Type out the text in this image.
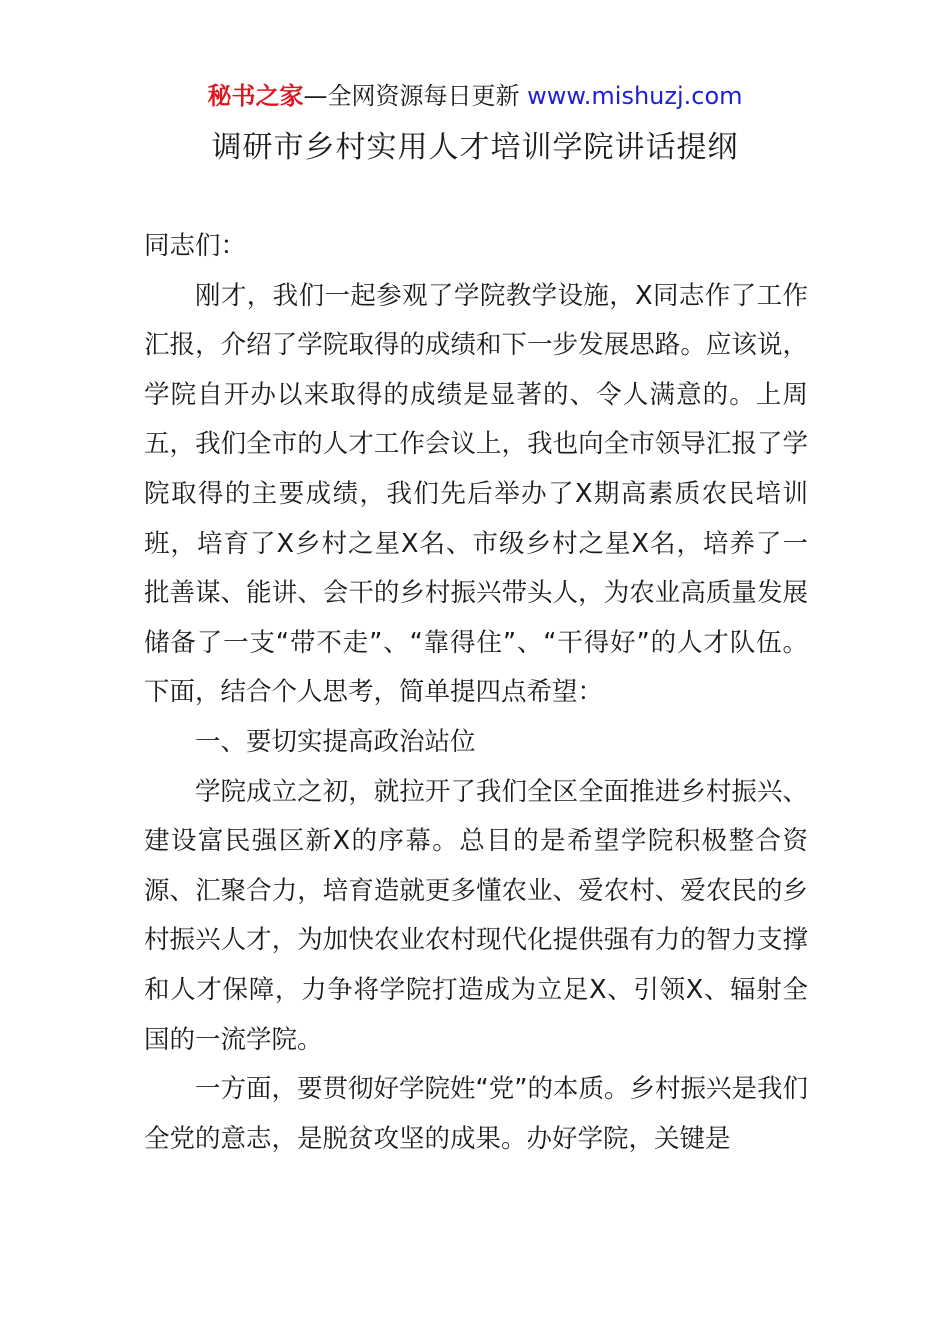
秘书之家—全网资源每日更新 www.mishuzj.com
调研市乡村实用人才培训学院讲话提纲

同志们：

刚才，我们一起参观了学院教学设施，X同志作了工作汇报，介绍了学院取得的成绩和下一步发展思路。应该说，学院自开办以来取得的成绩是显著的、令人满意的。上周五，我们全市的人才工作会议上，我也向全市领导汇报了学院取得的主要成绩，我们先后举办了X期高素质农民培训班，培育了X乡村之星X名、市级乡村之星X名，培养了一批善谋、能讲、会干的乡村振兴带头人，为农业高质量发展储备了一支“带不走”、“靠得住”、“干得好”的人才队伍。下面，结合个人思考，简单提四点希望：

一、要切实提高政治站位

学院成立之初，就拉开了我们全区全面推进乡村振兴、建设富民强区新X的序幕。总目的是希望学院积极整合资源、汇聚合力，培育造就更多懂农业、爱农村、爱农民的乡村振兴人才，为加快农业农村现代化提供强有力的智力支撑和人才保障，力争将学院打造成为立足X、引领X、辐射全国的一流学院。

一方面，要贯彻好学院姓“党”的本质。乡村振兴是我们全党的意志，是脱贫攻坚的成果。办好学院，关键是
